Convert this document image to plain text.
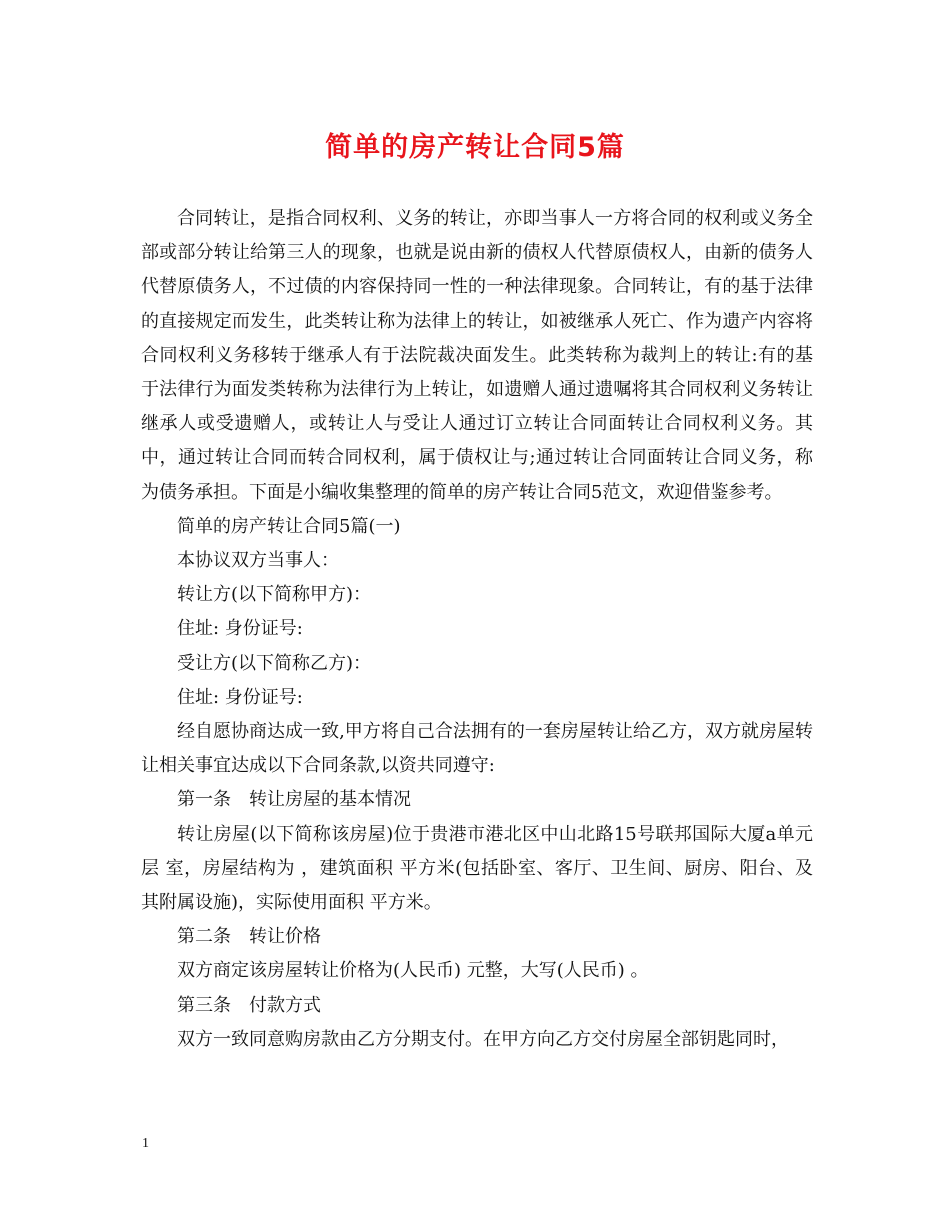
简单的房产转让合同5篇

合同转让，是指合同权利、义务的转让，亦即当事人一方将合同的权利或义务全部或部分转让给第三人的现象，也就是说由新的债权人代替原债权人，由新的债务人代替原债务人，不过债的内容保持同一性的一种法律现象。合同转让，有的基于法律的直接规定而发生，此类转让称为法律上的转让，如被继承人死亡、作为遗产内容将合同权利义务移转于继承人有于法院裁决面发生。此类转称为裁判上的转让:有的基于法律行为面发类转称为法律行为上转让，如遗赠人通过遗嘱将其合同权利义务转让继承人或受遗赠人，或转让人与受让人通过订立转让合同面转让合同权利义务。其中，通过转让合同而转合同权利，属于债权让与;通过转让合同面转让合同义务，称为债务承担。下面是小编收集整理的简单的房产转让合同5范文，欢迎借鉴参考。

简单的房产转让合同5篇(一)

本协议双方当事人：

转让方(以下简称甲方)：

住址: 身份证号:

受让方(以下简称乙方)：

住址: 身份证号:

经自愿协商达成一致,甲方将自己合法拥有的一套房屋转让给乙方，双方就房屋转让相关事宜达成以下合同条款,以资共同遵守:

第一条　转让房屋的基本情况

转让房屋(以下简称该房屋)位于贵港市港北区中山北路15号联邦国际大厦a单元 层 室，房屋结构为 ，建筑面积 平方米(包括卧室、客厅、卫生间、厨房、阳台、及其附属设施)，实际使用面积 平方米。

第二条　转让价格

双方商定该房屋转让价格为(人民币) 元整，大写(人民币) 。

第三条　付款方式

双方一致同意购房款由乙方分期支付。在甲方向乙方交付房屋全部钥匙同时，

1
